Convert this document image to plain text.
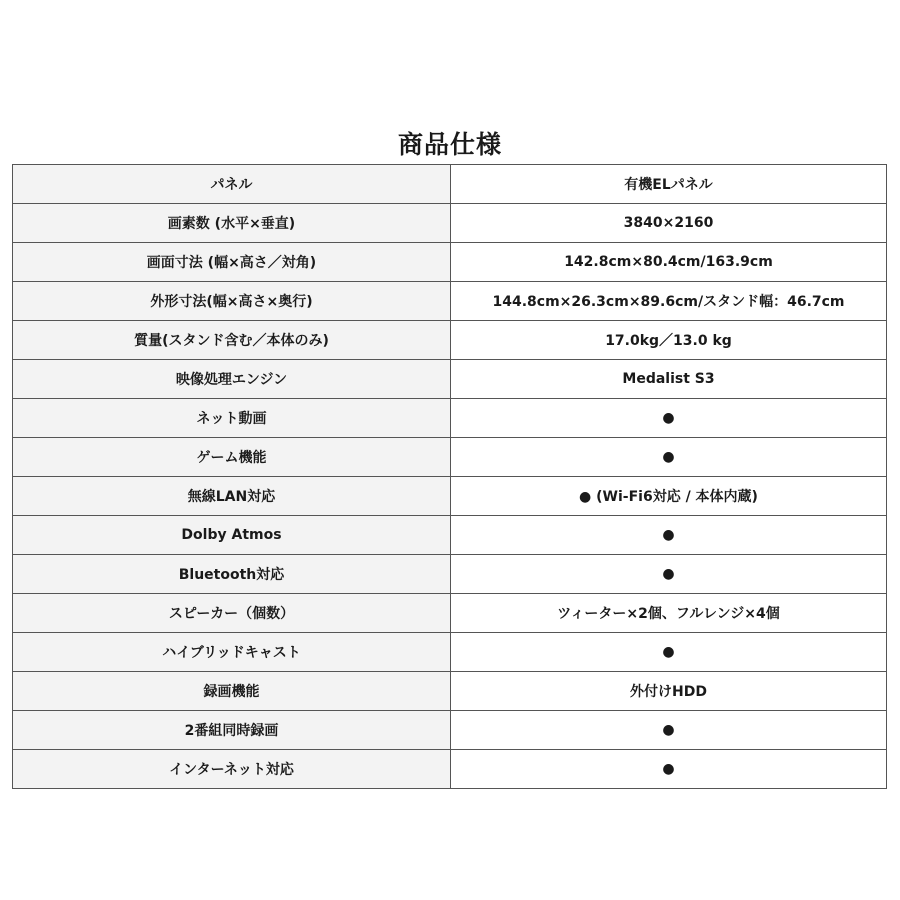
商品仕様
パネル	有機ELパネル
画素数 (水平×垂直)	3840×2160
画面寸法 (幅×高さ／対角)	142.8cm×80.4cm/163.9cm
外形寸法(幅×高さ×奥行)	144.8cm×26.3cm×89.6cm/スタンド幅：46.7cm
質量(スタンド含む／本体のみ)	17.0kg／13.0 kg
映像処理エンジン	Medalist S3
ネット動画	●
ゲーム機能	●
無線LAN対応	● (Wi-Fi6対応 / 本体内蔵)
Dolby Atmos	●
Bluetooth対応	●
スピーカー（個数）	ツィーター×2個、フルレンジ×4個
ハイブリッドキャスト	●
録画機能	外付けHDD
2番組同時録画	●
インターネット対応	●
